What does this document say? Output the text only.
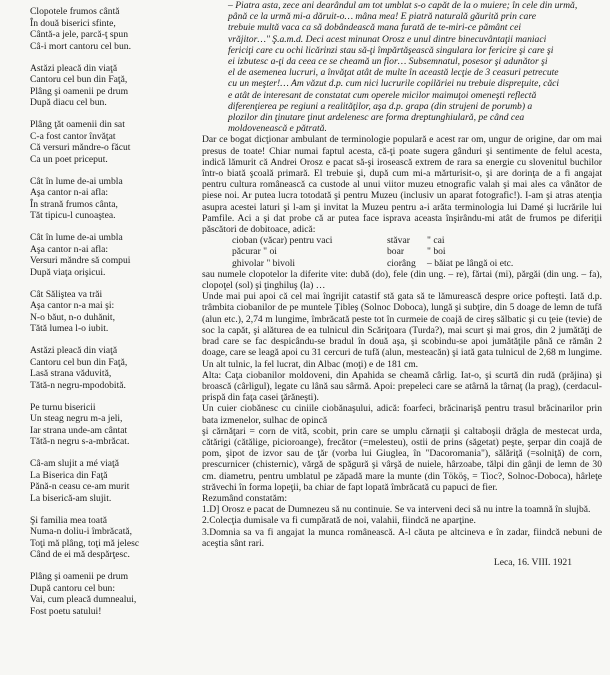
Clopotele frumos cântă
În două biserici sfinte,
Cântă-a jele, parcă-ţ spun
Câ-i mort cantoru cel bun.
Astăzi pleacă din viaţă
Cantoru cel bun din Faţă,
Plâng şi oamenii pe drum
După diacu cel bun.
Plâng ţăt oamenii din sat
C-a fost cantor învăţat
Că versuri măndre-o făcut
Ca un poet priceput.
Cât în lume de-ai umbla
Aşa cantor n-ai afla:
În strană frumos cânta,
Tăt tipicu-l cunoaştea.
Cât în lume de-ai umbla
Aşa cantor n-ai afla:
Versuri măndre să compui
După viaţa orişicui.
Cât Săliştea va trăi
Aşa cantor n-a mai şi:
N-o băut, n-o duhănit,
Tătă lumea l-o iubit.
Astăzi pleacă din viaţă
Cantoru cel bun din Faţă,
Lasă strana văduvită,
Tătă-n negru-mpodobită.
Pe turnu bisericii
Un steag negru m-a jeli,
Iar strana unde-am cântat
Tătă-n negru s-a-mbrăcat.
Câ-am slujit a mé viaţă
La Biserica din Faţă
Pănă-n ceasu ce-am murit
La biserică-am slujit.
Şi familia mea toată
Numa-n doliu-i îmbrăcată,
Toţi mă plâng, toţi mă jelesc
Când de ei mă despărţesc.
Plâng şi oamenii pe drum
După cantoru cel bun:
Vai, cum pleacă dumnealui,
Fost poetu satului!
– Piatra asta, zece ani dearândul am tot umblat s-o capăt de la o muiere; în cele din urmă,
până ce la urmă mi-a dăruit-o… mâna mea! E piatră naturală găurită prin care
trebuie multă vaca ca să dobândească mana furată de te-miri-ce pământ cei
vrăjitor…" Ş.a.m.d. Deci acest minunat Orosz e unul dintre binecuvântaţii maniaci
fericiţi care cu ochi licărinzi stau să-ţi împărtăşească singulara lor fericire şi care şi
ei izbutesc a-ţi da ceea ce se cheamă un fior… Subsemnatul, posesor şi adunător şi
el de asemenea lucruri, a învăţat atât de multe în această lecţie de 3 ceasuri petrecute
cu un meşter!… Am văzut d.p. cum nici lucrurile copilăriei nu trebuie dispreţuite, căci
e atât de interesant de constatat cum operele micilor maimuţoi omeneşti reflectă
diferenţierea pe regiuni a realităţilor, aşa d.p. grapa (din strujeni de porumb) a
plozilor din ţinutare ţinut ardelenesc are forma dreptunghiulară, pe când cea
moldovenească e pătrată.

Dar ce bogat dicţionar ambulant de terminologie populară e acest rar om, ungur de origine, dar om mai presus de toate! Chiar numai faptul acesta, că-ţi poate sugera gânduri şi sentimente de felul acesta, indică lămurit că Andrei Orosz e pacat să-şi irosească extrem de rara sa energie cu slovenitul buchilor într-o biată şcoală primară. El trebuie şi, după cum mi-a mărturisit-o, şi are dorinţa de a fi angajat pentru cultura românească ca custode al unui viitor muzeu etnografic valah şi mai ales ca vânător de piese noi. Ar putea lucra totodată şi pentru Muzeu (inclusiv un aparat fotografic!). I-am şi atras atenţia asupra acestei laturi şi l-am şi invitat la Muzeu pentru a-i arăta terminologia lui Damé şi lucrările lui Pamfile. Aci a şi dat probe că ar putea face isprava aceasta înşirându-mi atât de frumos pe diferiţii păscători de dobitoace, adică:

cioban (văcar) pentru vaci	stăvar	" cai
păcurar " oi	boar	" boi
ghivolar " bivoli	ciorâng	– băiat pe lângă oi etc.

sau numele clopotelor la diferite vite: dubă (do), fele (din ung. – re), fărtai (mi), părgăi (din ung. – fa), clopoţel (sol) şi ţinghiluş (la) …

Unde mai pui apoi că cel mai îngrijit catastif stă gata să te lămurească despre orice pofteşti. Iată d.p. trâmbita ciobanilor de pe muntele Ţibleş (Solnoc Doboca), lungă şi subţire, din 5 doage de lemn de tufă (alun etc.), 2,74 m lungime, îmbrăcată peste tot în curmeie de coajă de cireş sălbatic şi cu ţeie (tevie) de soc la capăt, şi alăturea de ea tulnicul din Scăriţoara (Turda?), mai scurt şi mai gros, din 2 jumătăţi de brad care se fac despicându-se bradul în două aşa, şi scobindu-se apoi jumătăţile până ce rămân 2 doage, care se leagă apoi cu 31 cercuri de tufă (alun, mesteacăn) şi iată gata tulnicul de 2,68 m lungime. Un alt tulnic, la fel lucrat, din Albac (moţi) e de 181 cm.

Alta: Caţa ciobanilor moldoveni, din Apahida se cheamă cârlig. Iat-o, şi scurtă din rudă (prăjina) şi broască (cârligul), legate cu lână sau sârmă. Apoi: prepeleci care se atârnă la târnaţ (la prag), (cerdacul-prispă din faţa casei ţărăneşti).

Un cuier ciobănesc cu ciniile ciobănaşului, adică: foarfeci, brăcinarişă pentru trasul brăcinarilor prin bata izmenelor, sulhac de opincă

şi cărnăţari = corn de vită, scobit, prin care se umplu cărnaţii şi caltaboşii drăgla de mestecat urda, cătărigi (cătălige, picioroange), frecător (=melesteu), ostii de prins (săgetat) peşte, şerpar din coajă de pom, şipot de izvor sau de ţăr (vorba lui Giuglea, în "Dacoromania"), sălăriţă (=solniţă) de corn, prescurnicer (chisternic), vărgă de spăgură şi vârşă de nuiele, hârzoabe, tălpi din gânji de lemn de 30 cm. diametru, pentru umblatul pe zăpadă mare la munte (din Tököş, = Tioc?, Solnoc-Doboca), hârleţe străvechi în forma lopeţii, ba chiar de fapt lopată îmbrăcată cu papuci de fier.

Rezumând constatăm:

1.D] Orosz e pacat de Dumnezeu să nu continuie. Se va interveni deci să nu intre la toamnă în slujbă.

2.Colecţia dumisale va fi cumpărată de noi, valahii, fiindcă ne aparţine.

3.Domnia sa va fi angajat la munca românească. A-l căuta pe altcineva e în zadar, fiindcă nebuni de aceştia sânt rari.

Leca, 16. VIII. 1921
